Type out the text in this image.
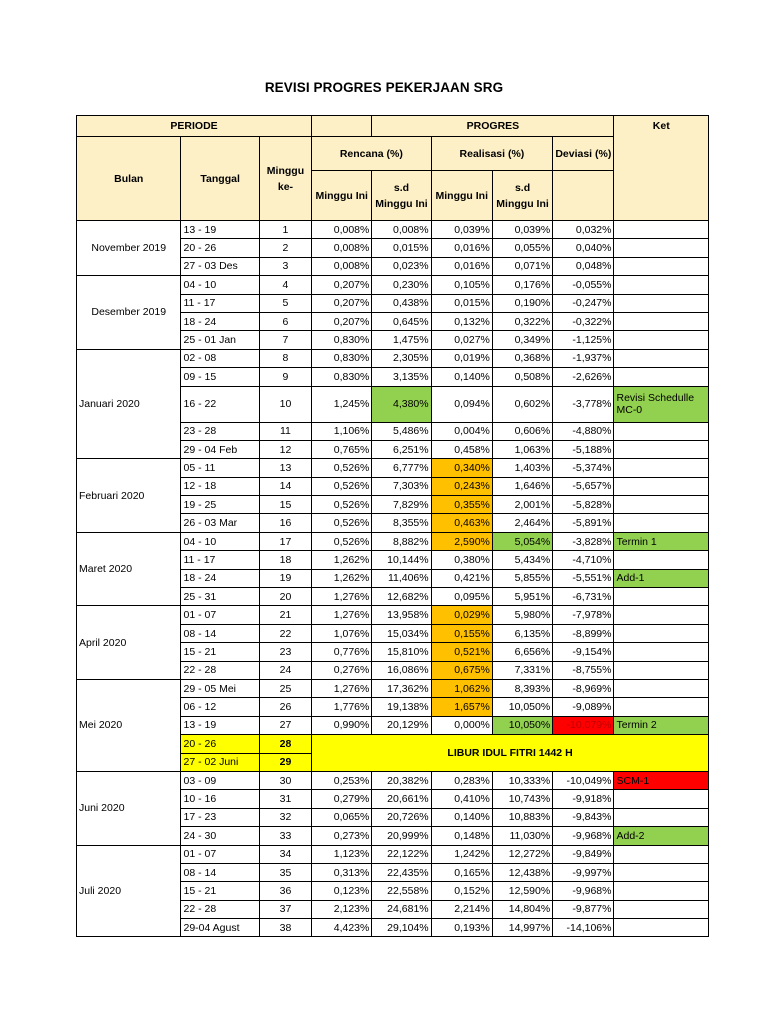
REVISI PROGRES PEKERJAAN SRG
PERIODE				PROGRES				Ket
Bulan	Tanggal	Minggu ke-	Rencana (%)		Realisasi (%)		Deviasi (%)	
			Minggu Ini	s.d Minggu Ini	Minggu Ini	s.d Minggu Ini		
November 2019	13 - 19	1	0,008%	0,008%	0,039%	0,039%	0,032%	
	20 - 26	2	0,008%	0,015%	0,016%	0,055%	0,040%	
	27 - 03 Des	3	0,008%	0,023%	0,016%	0,071%	0,048%	
Desember 2019	04 - 10	4	0,207%	0,230%	0,105%	0,176%	-0,055%	
	11 - 17	5	0,207%	0,438%	0,015%	0,190%	-0,247%	
	18 - 24	6	0,207%	0,645%	0,132%	0,322%	-0,322%	
	25 - 01 Jan	7	0,830%	1,475%	0,027%	0,349%	-1,125%	
Januari 2020	02 - 08	8	0,830%	2,305%	0,019%	0,368%	-1,937%	
	09 - 15	9	0,830%	3,135%	0,140%	0,508%	-2,626%	
	16 - 22	10	1,245%	4,380%	0,094%	0,602%	-3,778%	Revisi Schedulle MC-0
	23 - 28	11	1,106%	5,486%	0,004%	0,606%	-4,880%	
	29 - 04 Feb	12	0,765%	6,251%	0,458%	1,063%	-5,188%	
Februari 2020	05 - 11	13	0,526%	6,777%	0,340%	1,403%	-5,374%	
	12 - 18	14	0,526%	7,303%	0,243%	1,646%	-5,657%	
	19 - 25	15	0,526%	7,829%	0,355%	2,001%	-5,828%	
	26 - 03 Mar	16	0,526%	8,355%	0,463%	2,464%	-5,891%	
Maret 2020	04 - 10	17	0,526%	8,882%	2,590%	5,054%	-3,828%	Termin 1
	11 - 17	18	1,262%	10,144%	0,380%	5,434%	-4,710%	
	18 - 24	19	1,262%	11,406%	0,421%	5,855%	-5,551%	Add-1
	25 - 31	20	1,276%	12,682%	0,095%	5,951%	-6,731%	
April 2020	01 - 07	21	1,276%	13,958%	0,029%	5,980%	-7,978%	
	08 - 14	22	1,076%	15,034%	0,155%	6,135%	-8,899%	
	15 - 21	23	0,776%	15,810%	0,521%	6,656%	-9,154%	
	22 - 28	24	0,276%	16,086%	0,675%	7,331%	-8,755%	
Mei 2020	29 - 05 Mei	25	1,276%	17,362%	1,062%	8,393%	-8,969%	
	06 - 12	26	1,776%	19,138%	1,657%	10,050%	-9,089%	
	13 - 19	27	0,990%	20,129%	0,000%	10,050%	-10,079%	Termin 2
	20 - 26	28	LIBUR IDUL FITRI 1442 H					
	27 - 02 Juni	29						
Juni 2020	03 - 09	30	0,253%	20,382%	0,283%	10,333%	-10,049%	SCM-1
	10 - 16	31	0,279%	20,661%	0,410%	10,743%	-9,918%	
	17 - 23	32	0,065%	20,726%	0,140%	10,883%	-9,843%	
	24 - 30	33	0,273%	20,999%	0,148%	11,030%	-9,968%	Add-2
Juli 2020	01 - 07	34	1,123%	22,122%	1,242%	12,272%	-9,849%	
	08 - 14	35	0,313%	22,435%	0,165%	12,438%	-9,997%	
	15 - 21	36	0,123%	22,558%	0,152%	12,590%	-9,968%	
	22 - 28	37	2,123%	24,681%	2,214%	14,804%	-9,877%	
	29-04 Agust	38	4,423%	29,104%	0,193%	14,997%	-14,106%	
